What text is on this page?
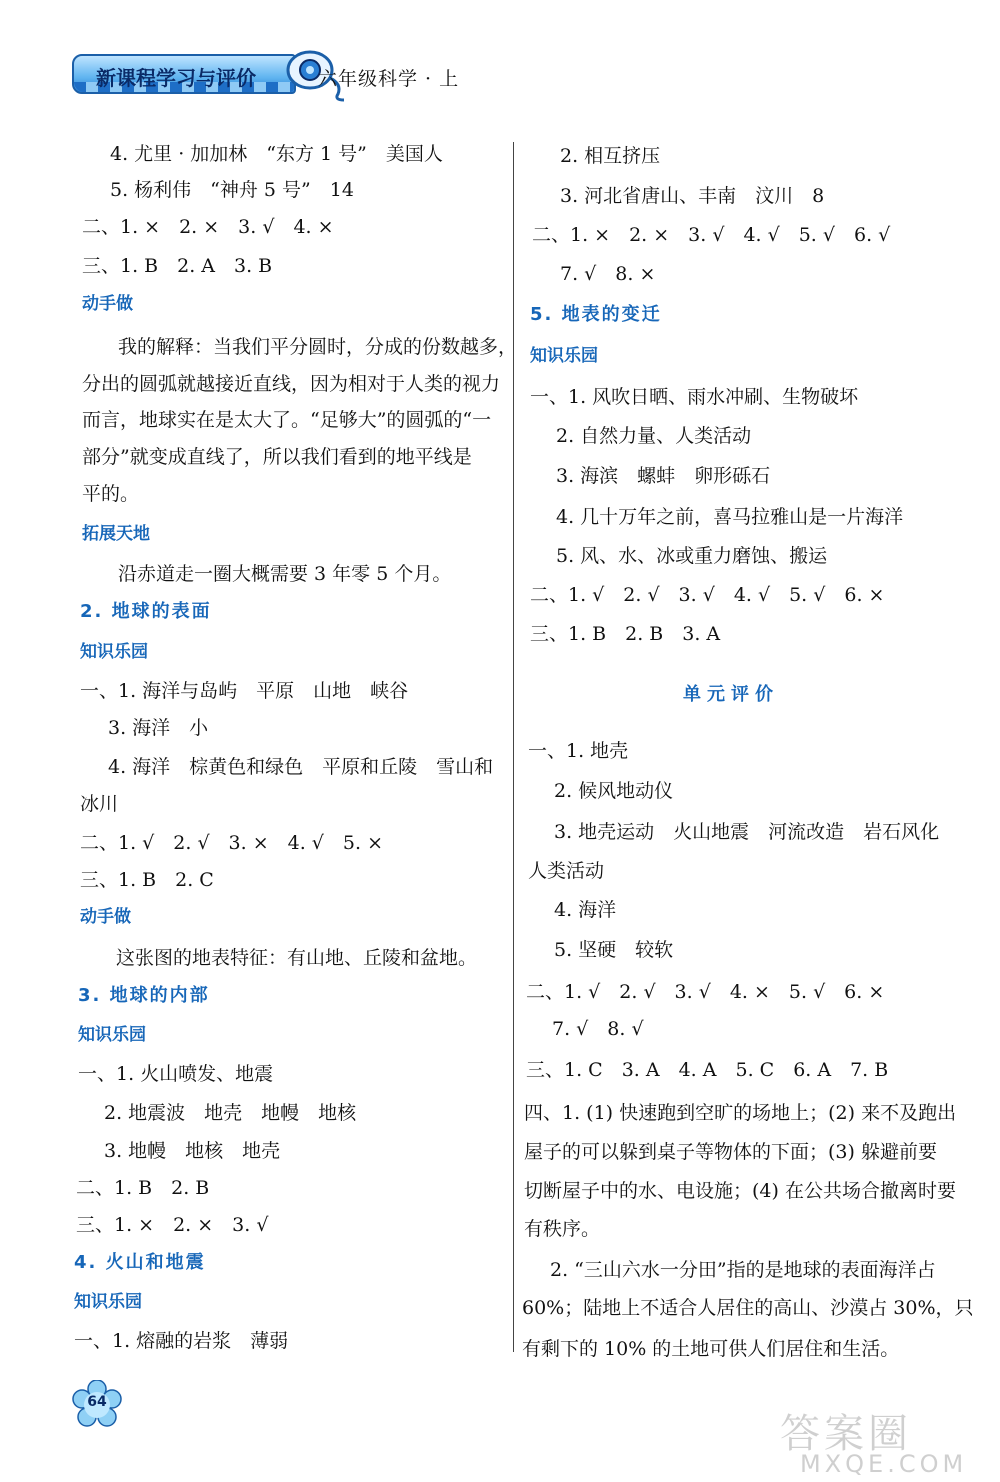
新课程学习与评价	六年级科学 · 上
4. 尤里 · 加加林　“东方 1 号”　美国人
5. 杨利伟　“神舟 5 号”　14
二、1. ×　2. ×　3. √　4. ×
三、1. B　2. A　3. B
动手做
我的解释：当我们平分圆时，分成的份数越多，
分出的圆弧就越接近直线，因为相对于人类的视力
而言，地球实在是太大了。“足够大”的圆弧的“一
部分”就变成直线了，所以我们看到的地平线是
平的。
拓展天地
沿赤道走一圈大概需要 3 年零 5 个月。
2. 地球的表面
知识乐园
一、1. 海洋与岛屿　平原　山地　峡谷
3. 海洋　小
4. 海洋　棕黄色和绿色　平原和丘陵　雪山和
冰川
二、1. √　2. √　3. ×　4. √　5. ×
三、1. B　2. C
动手做
这张图的地表特征：有山地、丘陵和盆地。
3. 地球的内部
知识乐园
一、1. 火山喷发、地震
2. 地震波　地壳　地幔　地核
3. 地幔　地核　地壳
二、1. B　2. B
三、1. ×　2. ×　3. √
4. 火山和地震
知识乐园
一、1. 熔融的岩浆　薄弱
2. 相互挤压
3. 河北省唐山、丰南　汶川　8
二、1. ×　2. ×　3. √　4. √　5. √　6. √
7. √　8. ×
5. 地表的变迁
知识乐园
一、1. 风吹日晒、雨水冲刷、生物破坏
2. 自然力量、人类活动
3. 海滨　螺蚌　卵形砾石
4. 几十万年之前，喜马拉雅山是一片海洋
5. 风、水、冰或重力磨蚀、搬运
二、1. √　2. √　3. √　4. √　5. √　6. ×
三、1. B　2. B　3. A
单元评价
一、1. 地壳
2. 候风地动仪
3. 地壳运动　火山地震　河流改造　岩石风化
人类活动
4. 海洋
5. 坚硬　较软
二、1. √　2. √　3. √　4. ×　5. √　6. ×
7. √　8. √
三、1. C　3. A　4. A　5. C　6. A　7. B
四、1. (1) 快速跑到空旷的场地上；(2) 来不及跑出
屋子的可以躲到桌子等物体的下面；(3) 躲避前要
切断屋子中的水、电设施；(4) 在公共场合撤离时要
有秩序。
2. “三山六水一分田”指的是地球的表面海洋占
60%；陆地上不适合人居住的高山、沙漠占 30%，只
有剩下的 10% 的土地可供人们居住和生活。
64
答案圈
MXQE.COM
